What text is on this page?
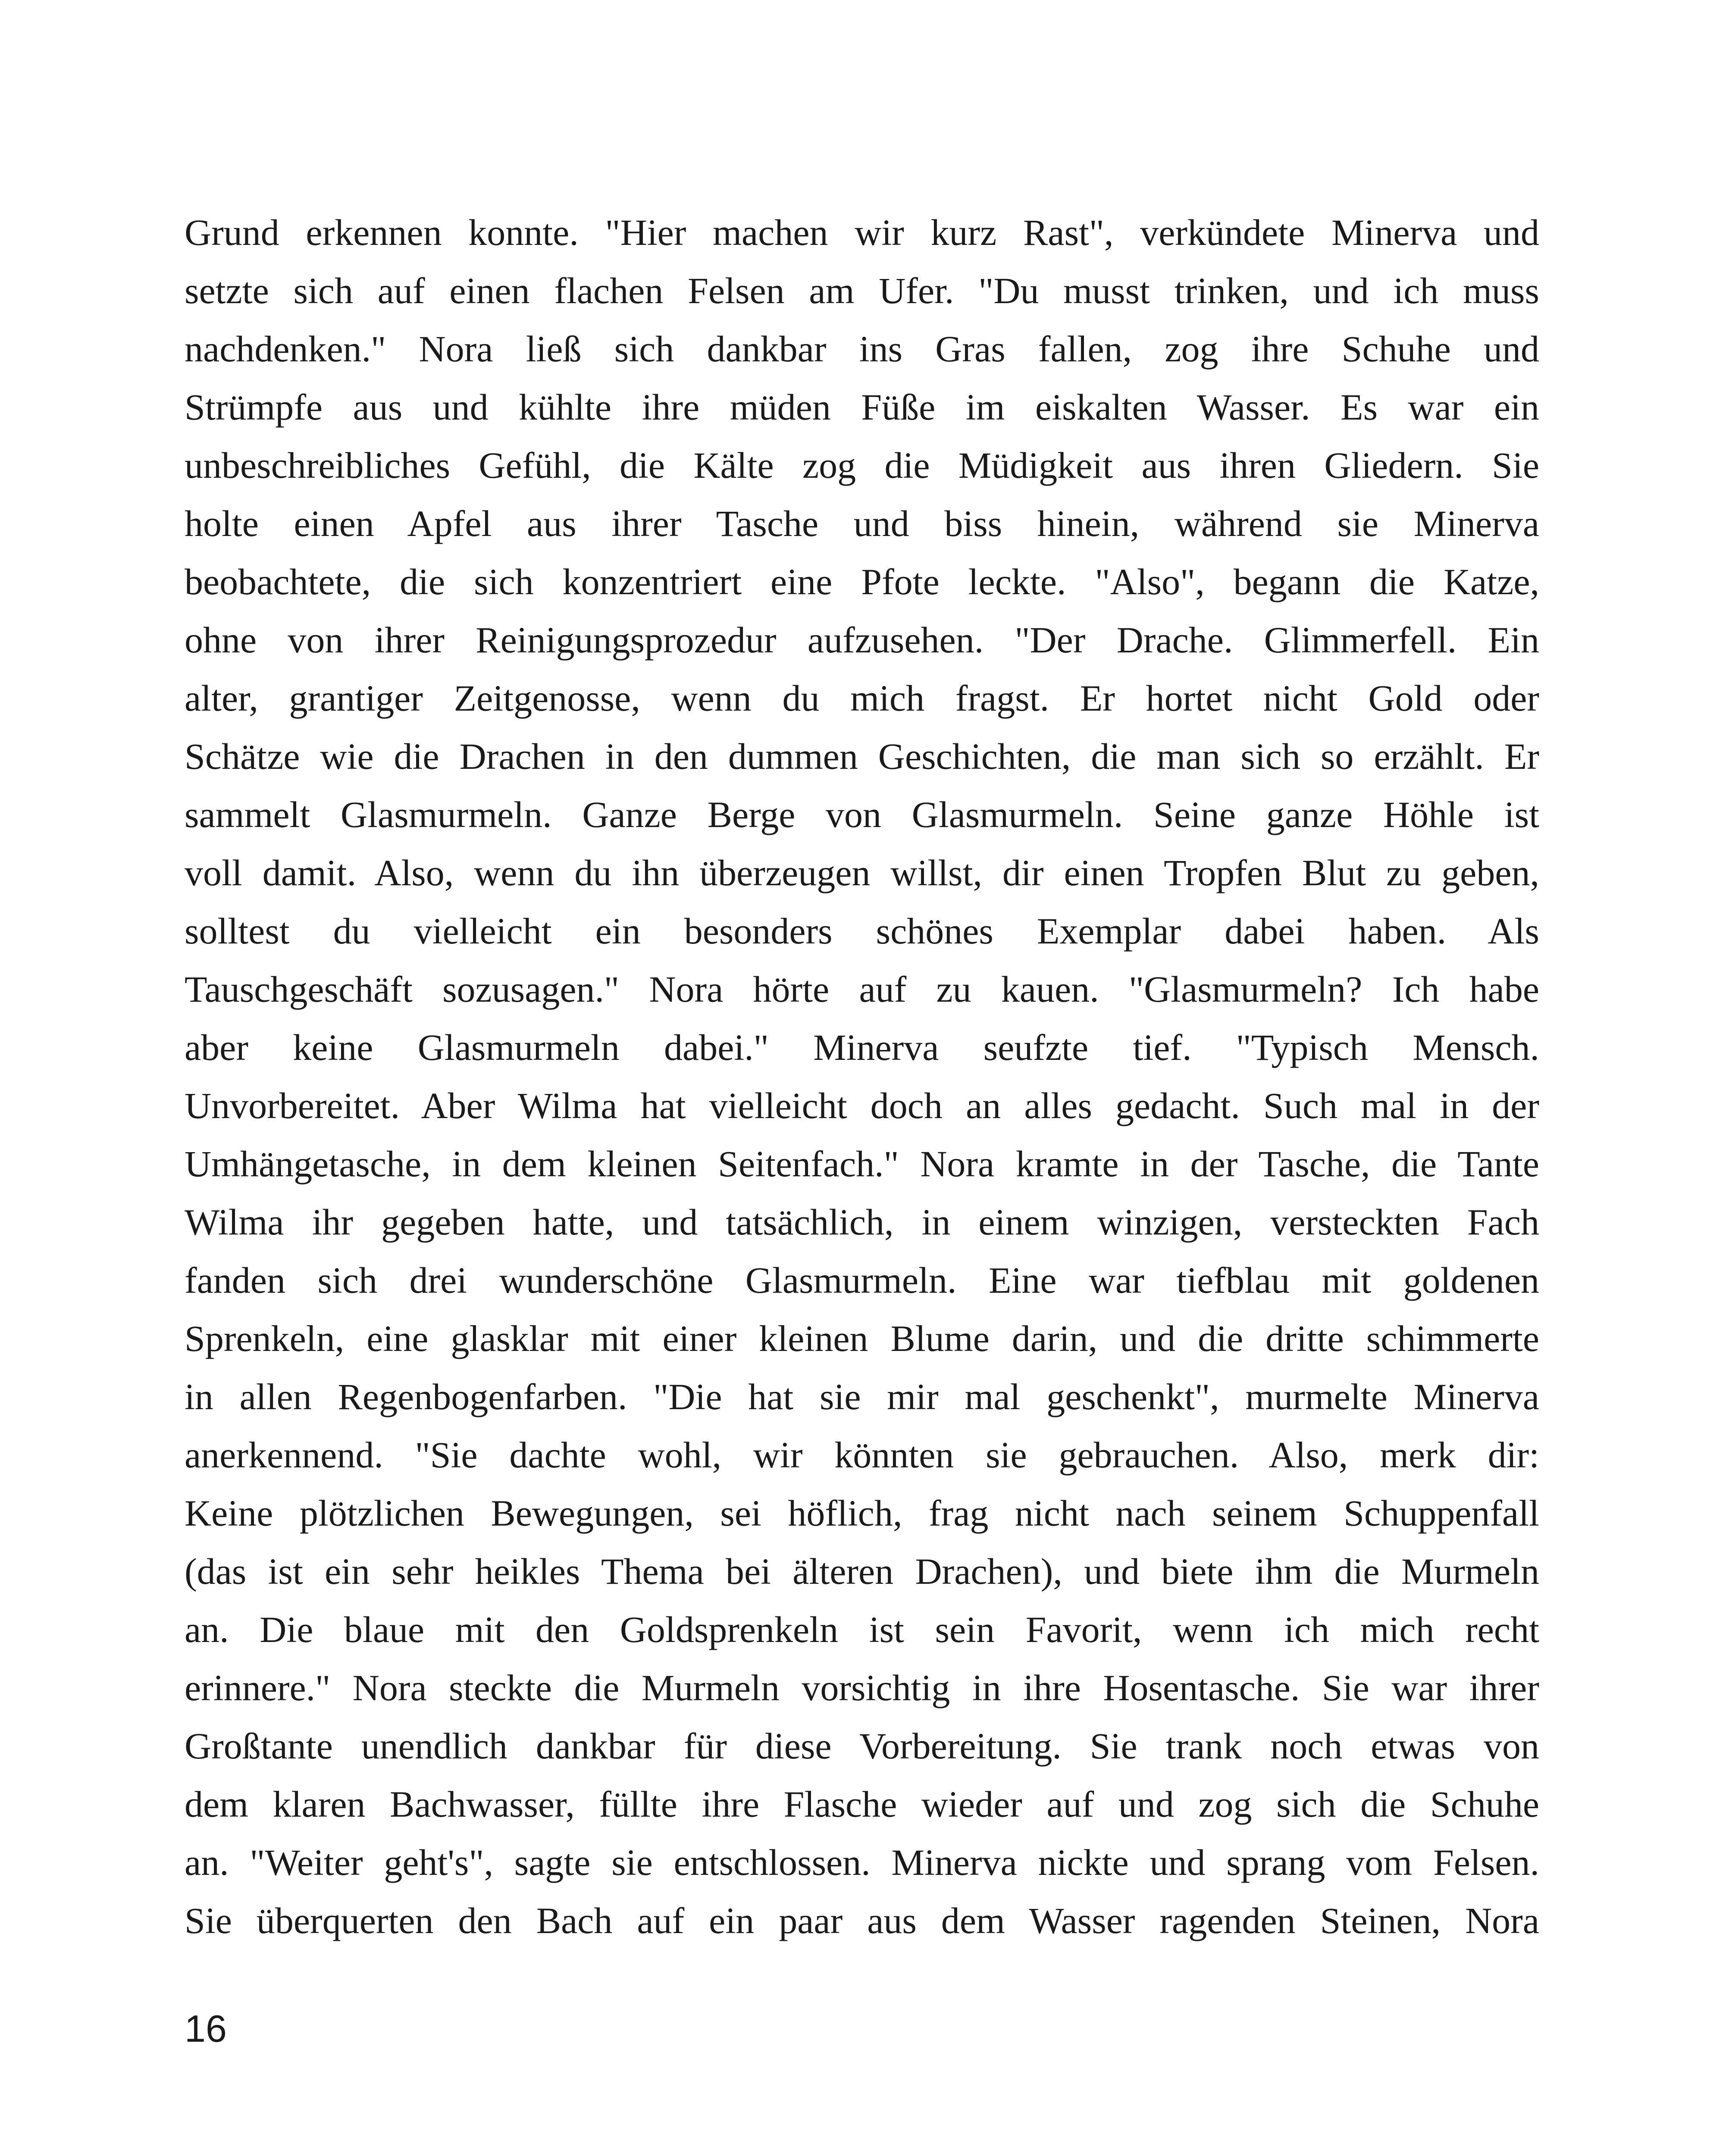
Grund erkennen konnte. "Hier machen wir kurz Rast", verkündete Minerva und
setzte sich auf einen flachen Felsen am Ufer. "Du musst trinken, und ich muss
nachdenken." Nora ließ sich dankbar ins Gras fallen, zog ihre Schuhe und
Strümpfe aus und kühlte ihre müden Füße im eiskalten Wasser. Es war ein
unbeschreibliches Gefühl, die Kälte zog die Müdigkeit aus ihren Gliedern. Sie
holte einen Apfel aus ihrer Tasche und biss hinein, während sie Minerva
beobachtete, die sich konzentriert eine Pfote leckte. "Also", begann die Katze,
ohne von ihrer Reinigungsprozedur aufzusehen. "Der Drache. Glimmerfell. Ein
alter, grantiger Zeitgenosse, wenn du mich fragst. Er hortet nicht Gold oder
Schätze wie die Drachen in den dummen Geschichten, die man sich so erzählt. Er
sammelt Glasmurmeln. Ganze Berge von Glasmurmeln. Seine ganze Höhle ist
voll damit. Also, wenn du ihn überzeugen willst, dir einen Tropfen Blut zu geben,
solltest du vielleicht ein besonders schönes Exemplar dabei haben. Als
Tauschgeschäft sozusagen." Nora hörte auf zu kauen. "Glasmurmeln? Ich habe
aber keine Glasmurmeln dabei." Minerva seufzte tief. "Typisch Mensch.
Unvorbereitet. Aber Wilma hat vielleicht doch an alles gedacht. Such mal in der
Umhängetasche, in dem kleinen Seitenfach." Nora kramte in der Tasche, die Tante
Wilma ihr gegeben hatte, und tatsächlich, in einem winzigen, versteckten Fach
fanden sich drei wunderschöne Glasmurmeln. Eine war tiefblau mit goldenen
Sprenkeln, eine glasklar mit einer kleinen Blume darin, und die dritte schimmerte
in allen Regenbogenfarben. "Die hat sie mir mal geschenkt", murmelte Minerva
anerkennend. "Sie dachte wohl, wir könnten sie gebrauchen. Also, merk dir:
Keine plötzlichen Bewegungen, sei höflich, frag nicht nach seinem Schuppenfall
(das ist ein sehr heikles Thema bei älteren Drachen), und biete ihm die Murmeln
an. Die blaue mit den Goldsprenkeln ist sein Favorit, wenn ich mich recht
erinnere." Nora steckte die Murmeln vorsichtig in ihre Hosentasche. Sie war ihrer
Großtante unendlich dankbar für diese Vorbereitung. Sie trank noch etwas von
dem klaren Bachwasser, füllte ihre Flasche wieder auf und zog sich die Schuhe
an. "Weiter geht's", sagte sie entschlossen. Minerva nickte und sprang vom Felsen.
Sie überquerten den Bach auf ein paar aus dem Wasser ragenden Steinen, Nora
16
